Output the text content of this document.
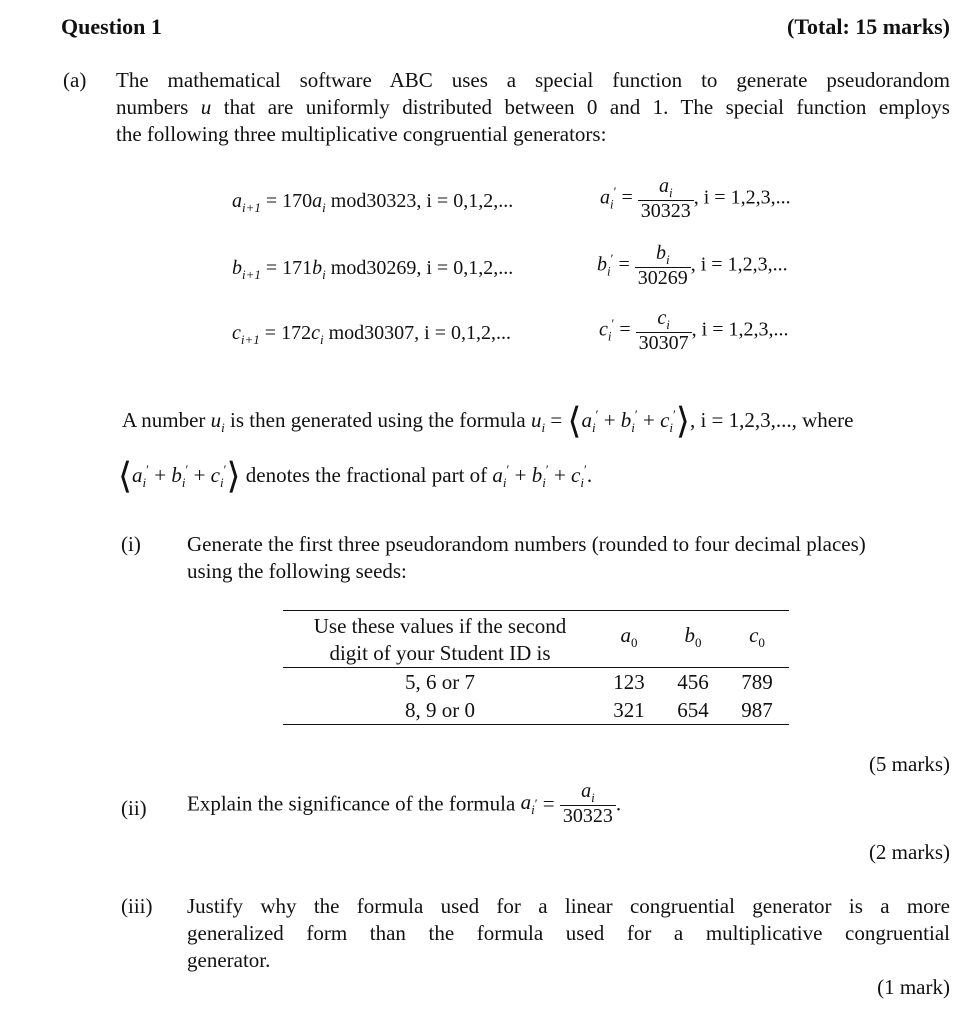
Question 1	(Total: 15 marks)
(a) The mathematical software ABC uses a special function to generate pseudorandom
numbers u that are uniformly distributed between 0 and 1. The special function employs
the following three multiplicative congruential generators:
$a_{i+1} = 170a_i$ mod30323, i = 0,1,2,...	$a_i' = \frac{a_i}{30323}$ , i = 1,2,3,...
$b_{i+1} = 171b_i$ mod30269, i = 0,1,2,...	$b_i' = \frac{b_i}{30269}$ , i = 1,2,3,...
$c_{i+1} = 172c_i$ mod30307, i = 0,1,2,...	$c_i' = \frac{c_i}{30307}$ , i = 1,2,3,...
A number $u_i$ is then generated using the formula $u_i$ = $⟨a_i' + b_i'$ + $c_i'⟩$, i = 1,2,3,..., where
$⟨a_i' + b_i'$ + $c_i'⟩$ denotes the fractional part of $a_i' + b_i' + c_i'$.
(i) Generate the first three pseudorandom numbers (rounded to four decimal places)
using the following seeds:
Use these values if the second
digit of your Student ID is	$a_0$	$b_0$	$c_0$
5, 6 or 7	123	456	789
8, 9 or 0	321	654	987
(5 marks)
(ii) Explain the significance of the formula $a_i' = \frac{a_i}{30323}$ .
(2 marks)
(iii) Justify why the formula used for a linear congruential generator is a more
generalized form than the formula used for a multiplicative congruential
generator.
(1 mark)
